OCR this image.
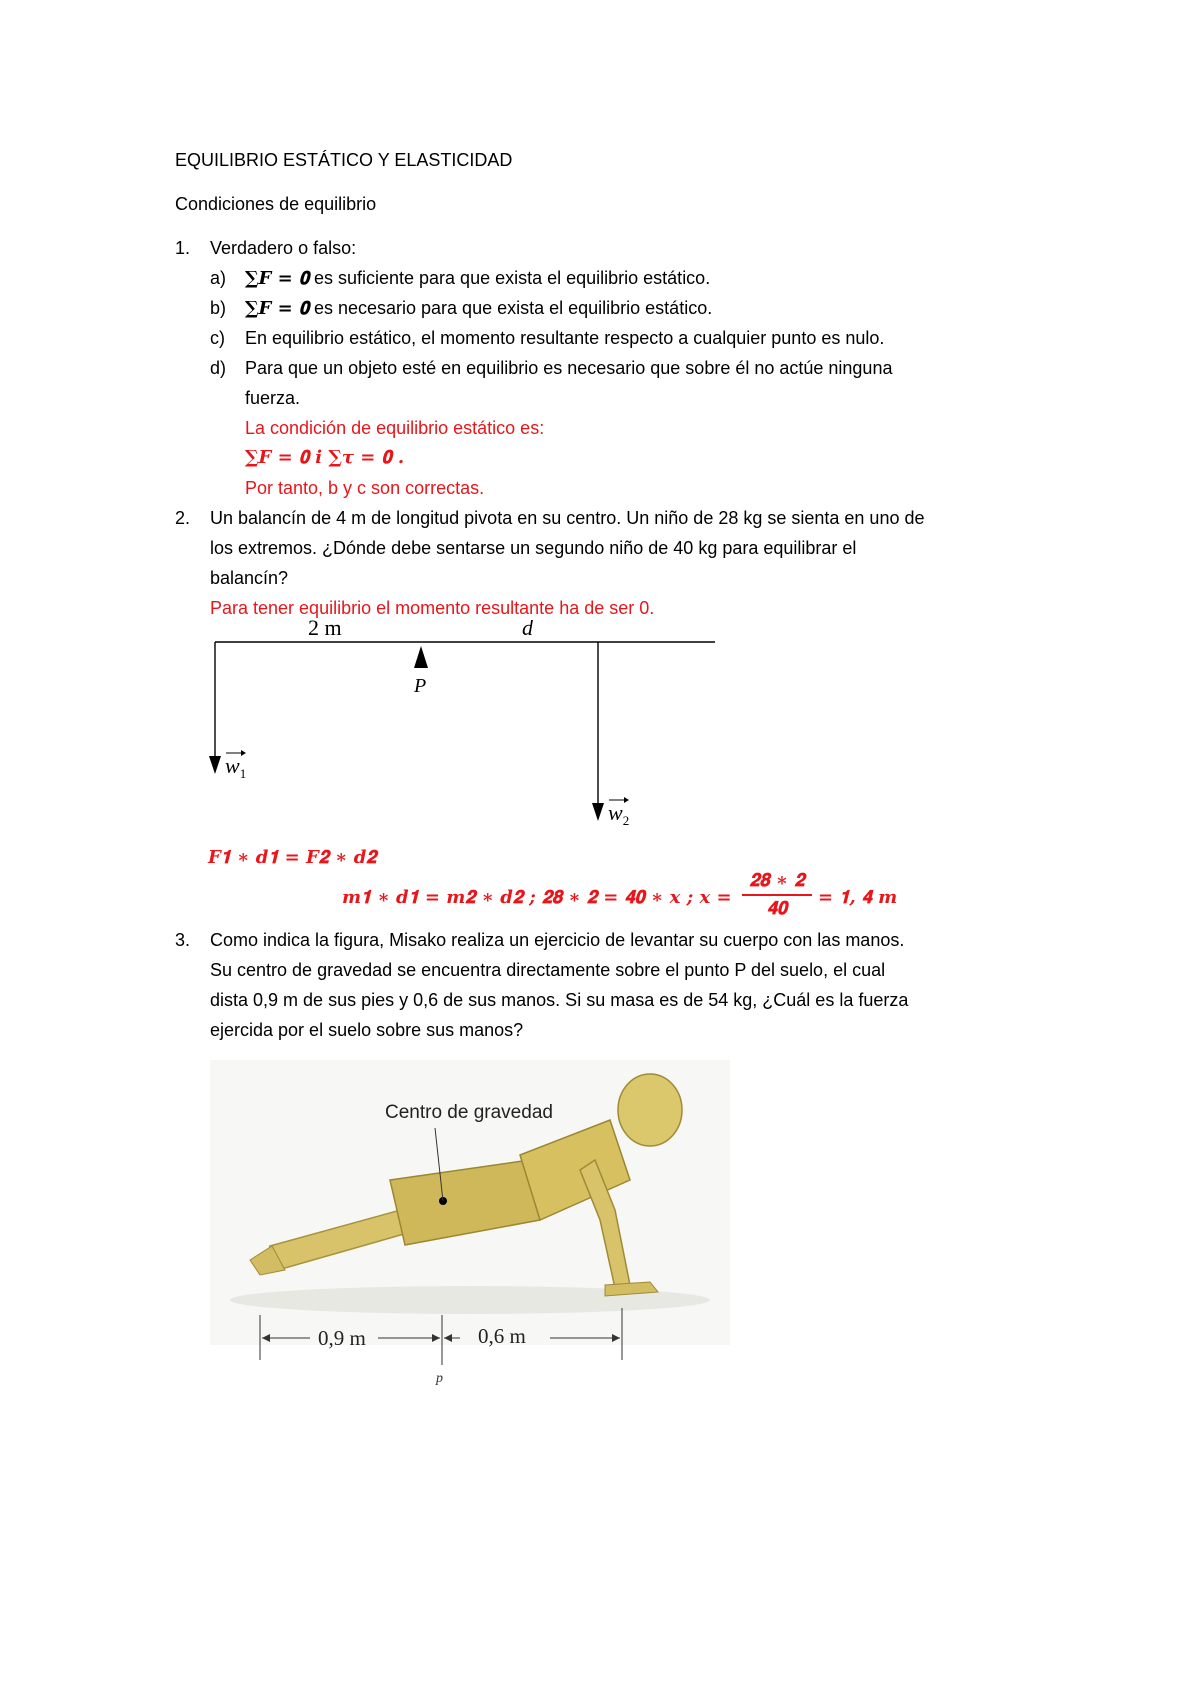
EQUILIBRIO ESTÁTICO Y ELASTICIDAD
Condiciones de equilibrio
1. Verdadero o falso:
a) ∑𝑭 = 𝟎 es suficiente para que exista el equilibrio estático.
b) ∑𝑭 = 𝟎 es necesario para que exista el equilibrio estático.
c) En equilibrio estático, el momento resultante respecto a cualquier punto es nulo.
d) Para que un objeto esté en equilibrio es necesario que sobre él no actúe ninguna
fuerza.
La condición de equilibrio estático es:
∑𝑭 = 𝟎 i ∑𝝉 = 𝟎 .
Por tanto, b y c son correctas.
2. Un balancín de 4 m de longitud pivota en su centro. Un niño de 28 kg se sienta en uno de
los extremos. ¿Dónde debe sentarse un segundo niño de 40 kg para equilibrar el
balancín?
Para tener equilibrio el momento resultante ha de ser 0.
2 m	d
P
$w_1$
$w_2$
𝑭𝟏 ∗ 𝒅𝟏 = 𝑭𝟐 ∗ 𝒅𝟐
𝒎𝟏 ∗ 𝒅𝟏 = 𝒎𝟐 ∗ 𝒅𝟐 ; 𝟐𝟖 ∗ 𝟐 = 𝟒𝟎 ∗ 𝒙 ; 𝒙 =
𝟐𝟖 ∗ 𝟐
𝟒𝟎
= 𝟏, 𝟒 𝒎
3. Como indica la figura, Misako realiza un ejercicio de levantar su cuerpo con las manos.
Su centro de gravedad se encuentra directamente sobre el punto P del suelo, el cual
dista 0,9 m de sus pies y 0,6 de sus manos. Si su masa es de 54 kg, ¿Cuál es la fuerza
ejercida por el suelo sobre sus manos?
Centro de gravedad
0,9 m	0,6 m
p
